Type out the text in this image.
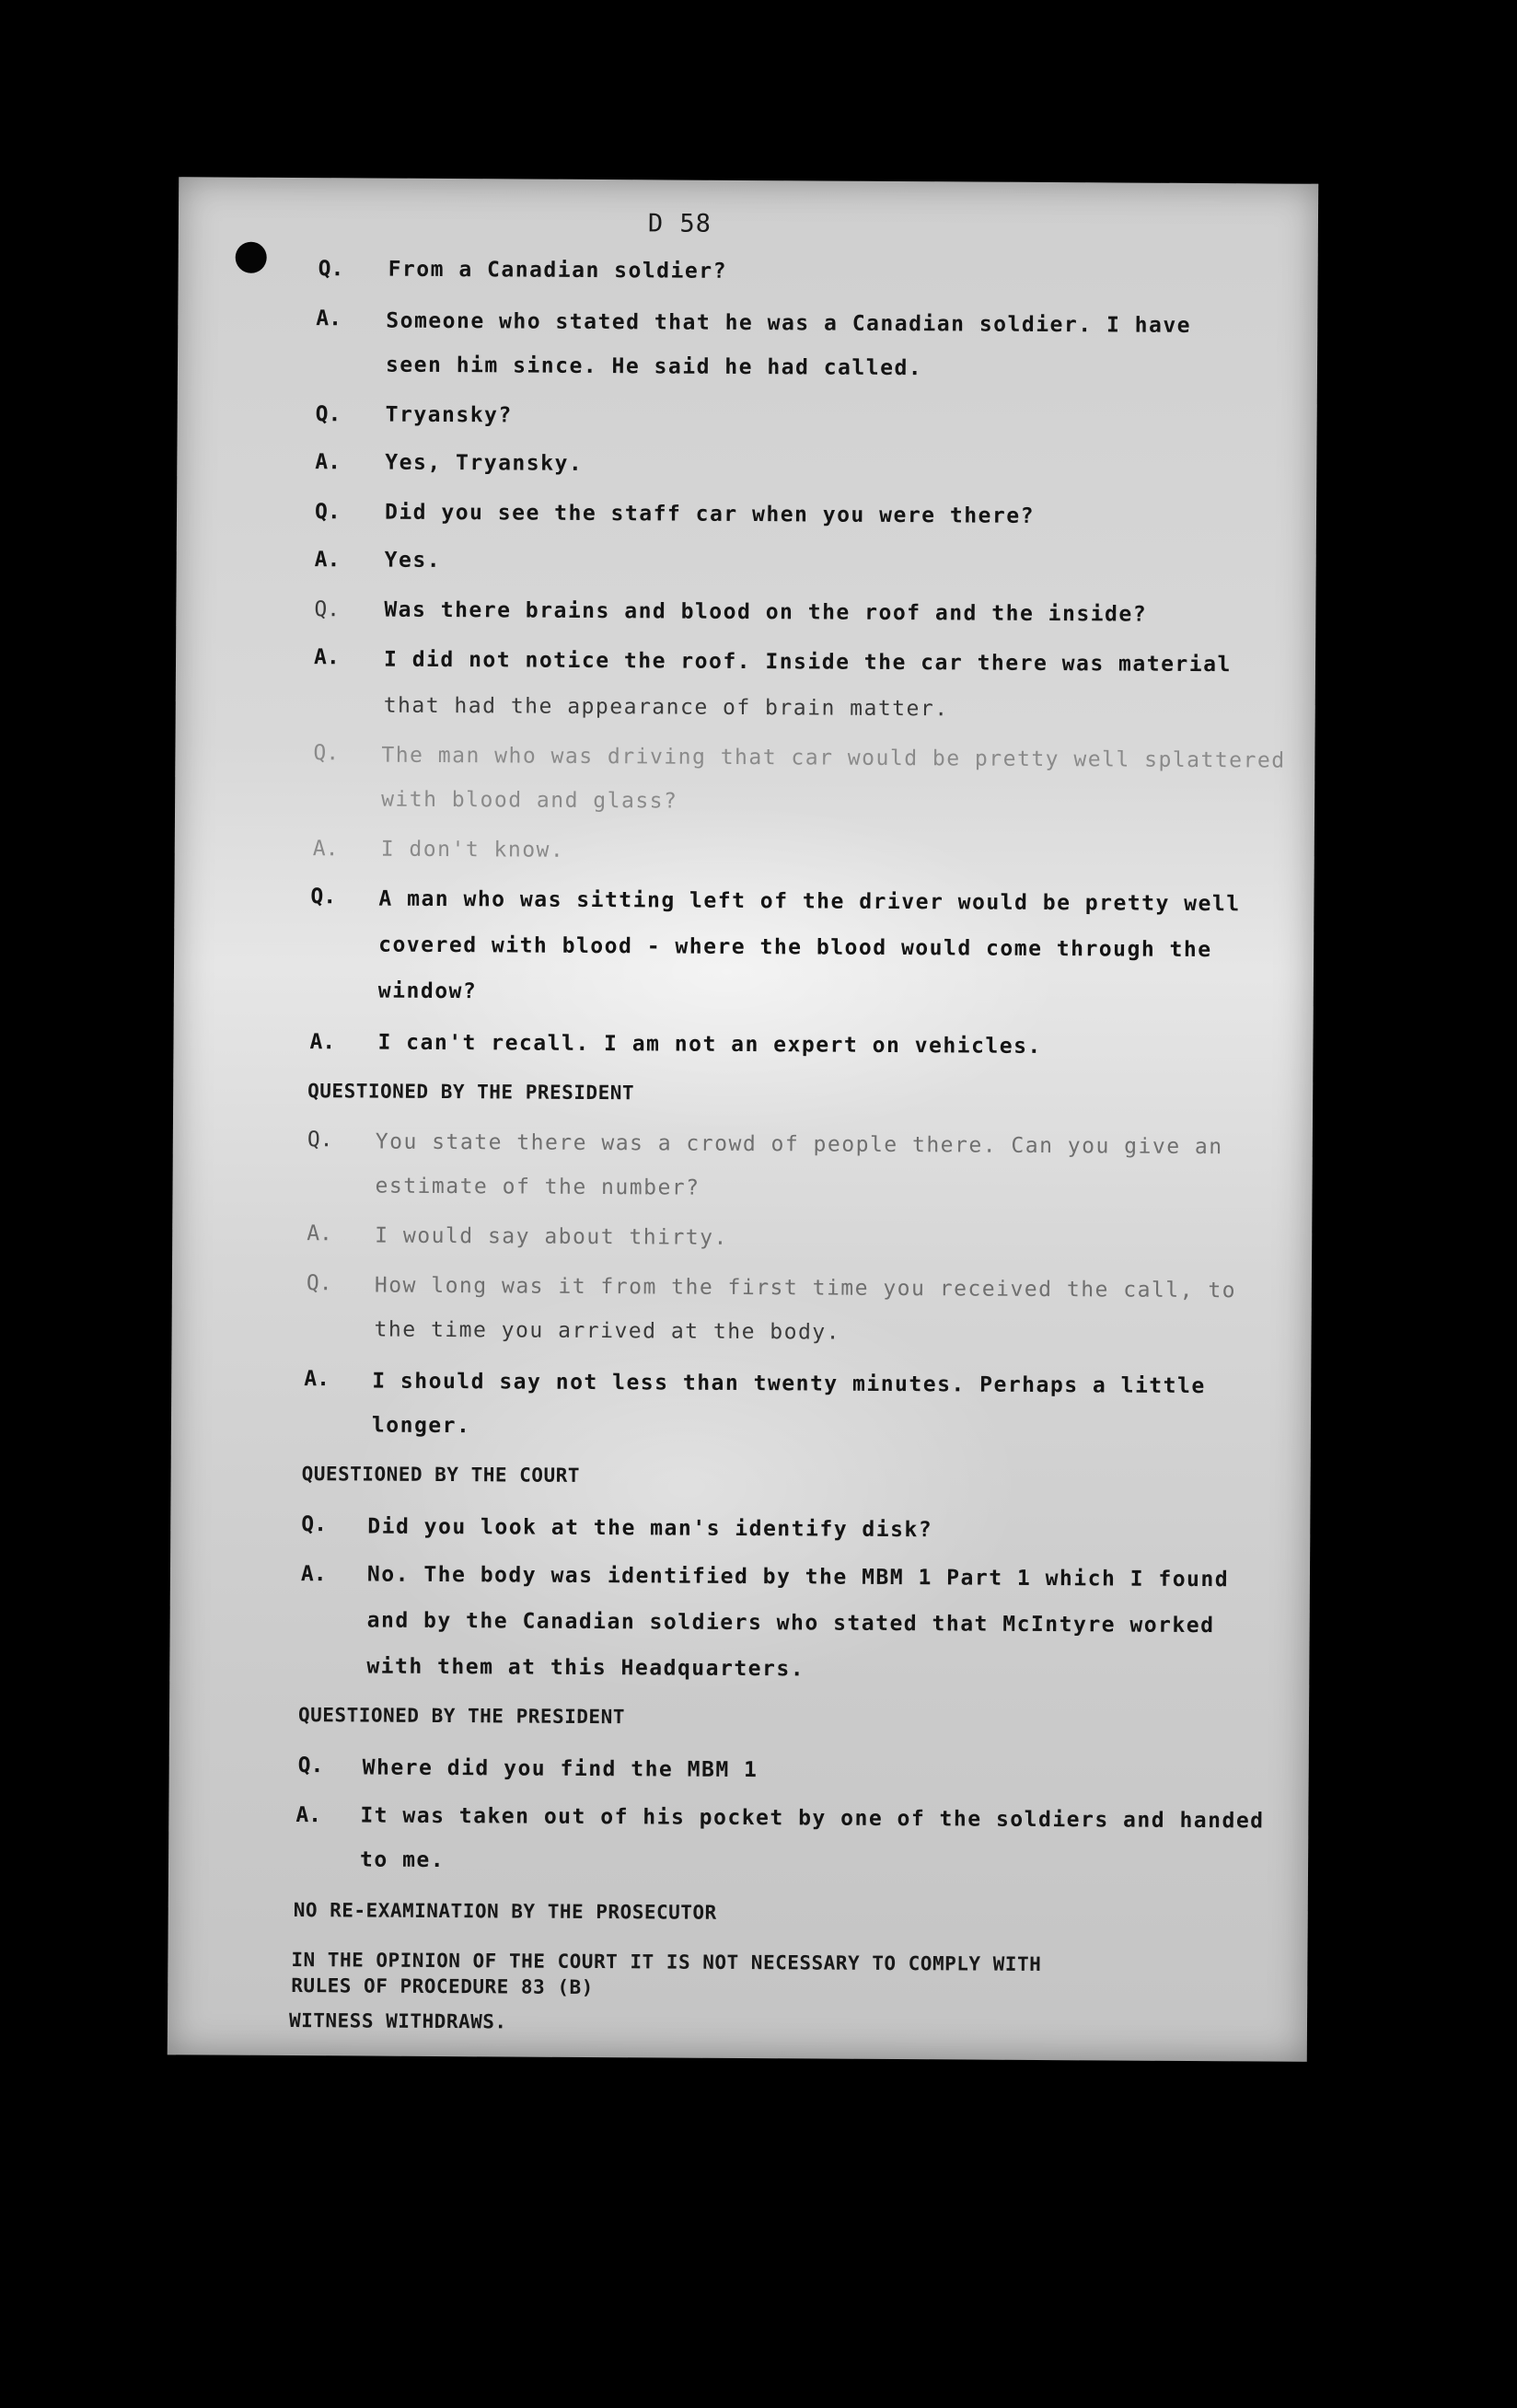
D 58
Q. From a Canadian soldier?
A. Someone who stated that he was a Canadian soldier. I have
seen him since. He said he had called.
Q. Tryansky?
A. Yes, Tryansky.
Q. Did you see the staff car when you were there?
A. Yes.
Q. Was there brains and blood on the roof and the inside?
A. I did not notice the roof. Inside the car there was material
that had the appearance of brain matter.
Q. The man who was driving that car would be pretty well splattered
with blood and glass?
A. I don't know.
Q. A man who was sitting left of the driver would be pretty well
covered with blood - where the blood would come through the
window?
A. I can't recall. I am not an expert on vehicles.
QUESTIONED BY THE PRESIDENT
Q. You state there was a crowd of people there. Can you give an
estimate of the number?
A. I would say about thirty.
Q. How long was it from the first time you received the call, to
the time you arrived at the body.
A. I should say not less than twenty minutes. Perhaps a little
longer.
QUESTIONED BY THE COURT
Q. Did you look at the man's identify disk?
A. No. The body was identified by the MBM 1 Part 1 which I found
and by the Canadian soldiers who stated that McIntyre worked
with them at this Headquarters.
QUESTIONED BY THE PRESIDENT
Q. Where did you find the MBM 1
A. It was taken out of his pocket by one of the soldiers and handed
to me.
NO RE-EXAMINATION BY THE PROSECUTOR
IN THE OPINION OF THE COURT IT IS NOT NECESSARY TO COMPLY WITH
RULES OF PROCEDURE 83 (B)
WITNESS WITHDRAWS.
